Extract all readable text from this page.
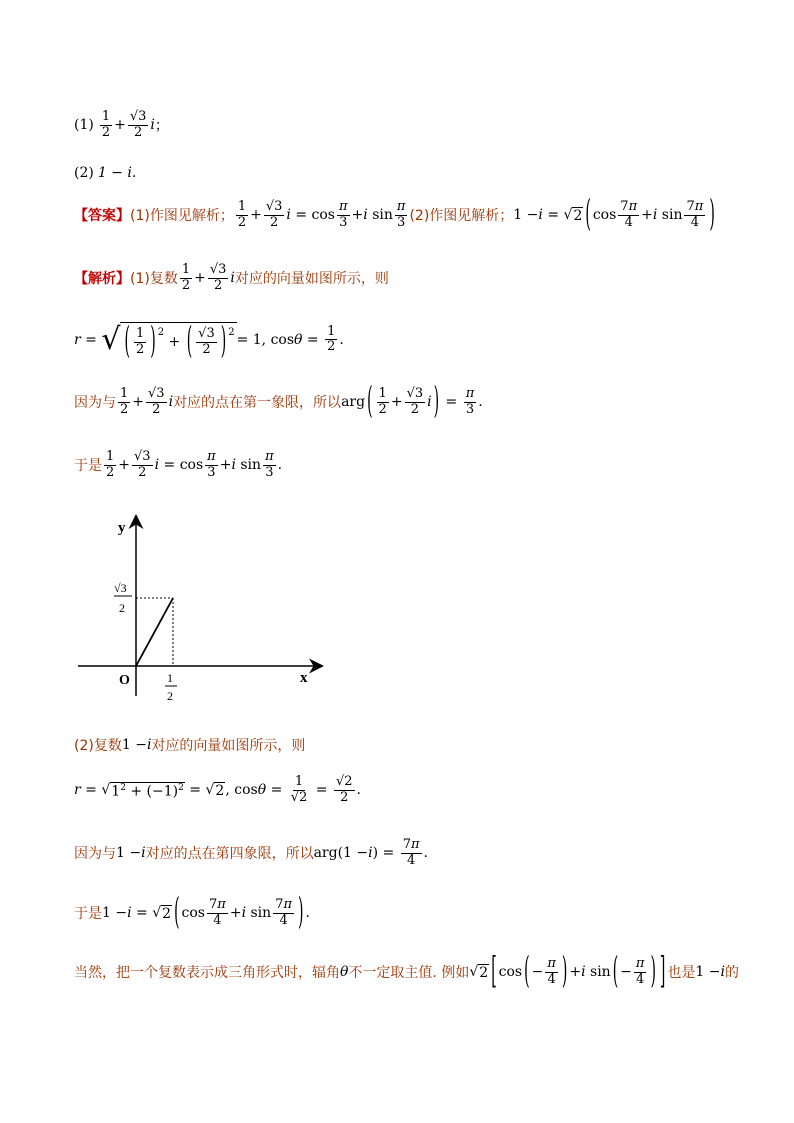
$(1) \frac{1}{2} + \frac{√3}{2}$ i ；
(2) 1 − i .
【答案】 (1)作图见解析； $\frac{1}{2} + \frac{√3}{2}$ $i = \cos \frac{\pi}{3} + i$ $\sin \frac{\pi}{3} (2)$作图见解析； 1 − i = √ 2 ( $\cos \frac{7\pi}{4} + i$ $\sin \frac{7\pi}{4}$ )
【解析】 (1)复数 $\frac{1}{2} + \frac{√3}{2}$ i 对应的向量如图所示，则
r = √ ( $\frac{1}{2} )^2$
+ ( $\frac{√3}{2} )^2 = 1$, $\cos \theta = \frac{1}{2}$ .
因为与 $\frac{1}{2} + \frac{√3}{2}$ i 对应的点在第一象限，所以 arg ( $\frac{1}{2} + \frac{√3}{2}$ i ) = $\frac{\pi}{3}$ .
于是 $\frac{1}{2} + \frac{√3}{2}$ $i = \cos \frac{\pi}{3} + i$ $\sin \frac{\pi}{3}$ .
y
x
O
√3
2
1
2
(2)复数 1 − i 对应的向量如图所示，则
r = √ $1^2 + (-1)^2$ = √ 2 , $\cos \theta = \frac{1}{√2} = \frac{√2}{2}$ .
因为与 1 − i 对应的点在第四象限，所以 arg(1 − i ) = $\frac{7\pi}{4}$ .
于是 1 − i = √ 2 ( $\cos \frac{7\pi}{4} + i$ $\sin \frac{7\pi}{4}$ ) .
当然，把一个复数表示成三角形式时，辐角 θ 不一定取主值. 例如 √ 2 [ cos ( − $\frac{\pi}{4}$ ) + i sin ( − $\frac{\pi}{4}$ ) ] 也是 1 − i 的
